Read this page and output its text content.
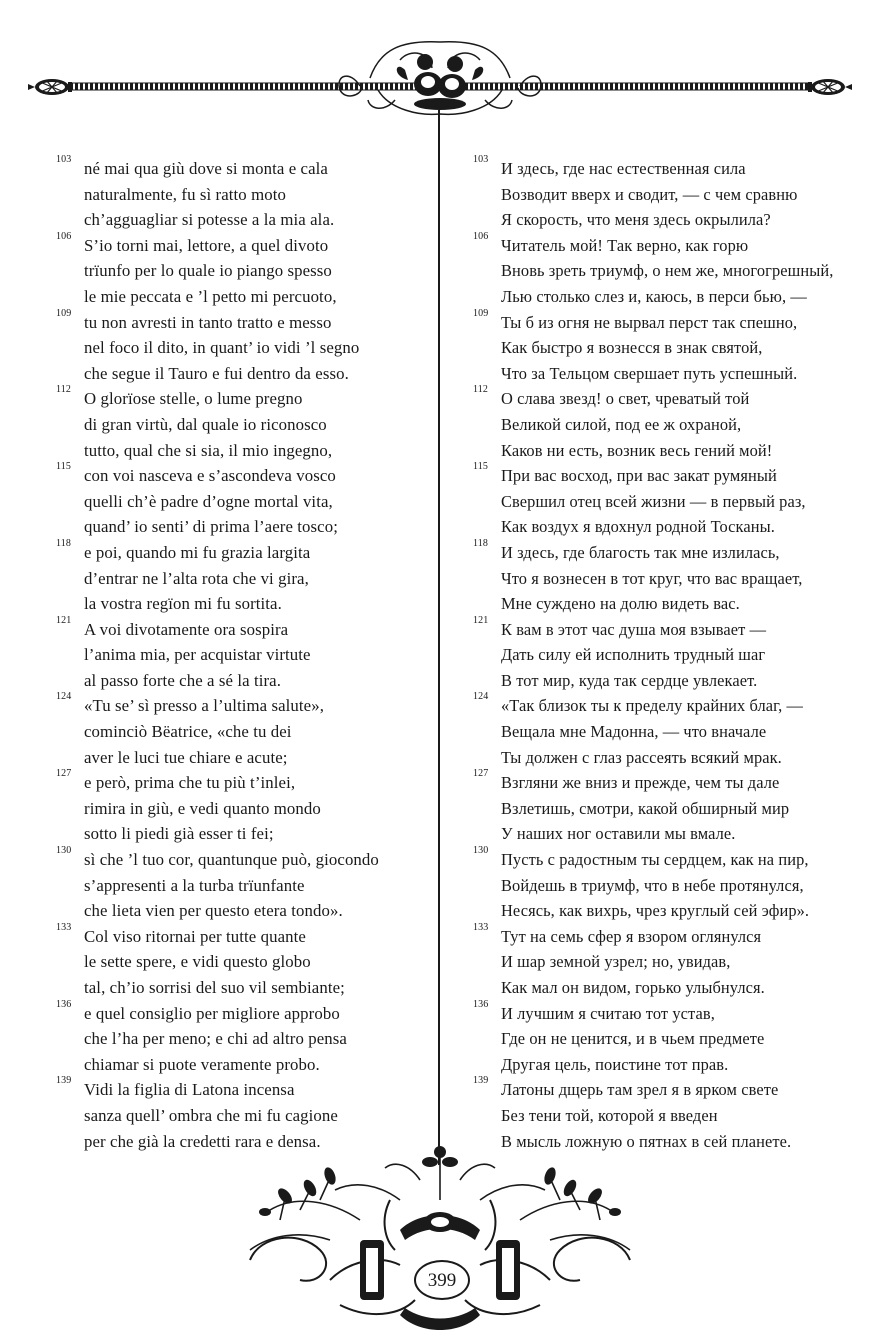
103 né mai qua giù dove si monta e cala
naturalmente, fu sì ratto moto
ch’agguagliar si potesse a la mia ala.
106 S’io torni mai, lettore, a quel divoto
trïunfo per lo quale io piango spesso
le mie peccata e ’l petto mi percuoto,
109 tu non avresti in tanto tratto e messo
nel foco il dito, in quant’ io vidi ’l segno
che segue il Tauro e fui dentro da esso.
112 O glorïose stelle, o lume pregno
di gran virtù, dal quale io riconosco
tutto, qual che si sia, il mio ingegno,
115 con voi nasceva e s’ascondeva vosco
quelli ch’è padre d’ogne mortal vita,
quand’ io senti’ di prima l’aere tosco;
118 e poi, quando mi fu grazia largita
d’entrar ne l’alta rota che vi gira,
la vostra regïon mi fu sortita.
121 A voi divotamente ora sospira
l’anima mia, per acquistar virtute
al passo forte che a sé la tira.
124 «Tu se’ sì presso a l’ultima salute»,
cominciò Bëatrice, «che tu dei
aver le luci tue chiare e acute;
127 e però, prima che tu più t’inlei,
rimira in giù, e vedi quanto mondo
sotto li piedi già esser ti fei;
130 sì che ’l tuo cor, quantunque può, giocondo
s’appresenti a la turba trïunfante
che lieta vien per questo etera tondo».
133 Col viso ritornai per tutte quante
le sette spere, e vidi questo globo
tal, ch’io sorrisi del suo vil sembiante;
136 e quel consiglio per migliore approbo
che l’ha per meno; e chi ad altro pensa
chiamar si puote veramente probo.
139 Vidi la figlia di Latona incensa
sanza quell’ ombra che mi fu cagione
per che già la credetti rara e densa.
103 И здесь, где нас естественная сила
Возводит вверх и сводит, — с чем сравню
Я скорость, что меня здесь окрылила?
106 Читатель мой! Так верно, как горю
Вновь зреть триумф, о нем же, многогрешный,
Лью столько слез и, каюсь, в перси бью, —
109 Ты б из огня не вырвал перст так спешно,
Как быстро я вознесся в знак святой,
Что за Тельцом свершает путь успешный.
112 О слава звезд! о свет, чреватый той
Великой силой, под ее ж охраной,
Каков ни есть, возник весь гений мой!
115 При вас восход, при вас закат румяный
Свершил отец всей жизни — в первый раз,
Как воздух я вдохнул родной Тосканы.
118 И здесь, где благость так мне излилась,
Что я вознесен в тот круг, что вас вращает,
Мне суждено на долю видеть вас.
121 К вам в этот час душа моя взывает —
Дать силу ей исполнить трудный шаг
В тот мир, куда так сердце увлекает.
124 «Так близок ты к пределу крайних благ, —
Вещала мне Мадонна, — что вначале
Ты должен с глаз рассеять всякий мрак.
127 Взгляни же вниз и прежде, чем ты дале
Взлетишь, смотри, какой обширный мир
У наших ног оставили мы вмале.
130 Пусть с радостным ты сердцем, как на пир,
Войдешь в триумф, что в небе протянулся,
Несясь, как вихрь, чрез круглый сей эфир».
133 Тут на семь сфер я взором оглянулся
И шар земной узрел; но, увидав,
Как мал он видом, горько улыбнулся.
136 И лучшим я считаю тот устав,
Где он не ценится, и в чьем предмете
Другая цель, поистине тот прав.
139 Латоны дщерь там зрел я в ярком свете
Без тени той, которой я введен
В мысль ложную о пятнах в сей планете.
399
